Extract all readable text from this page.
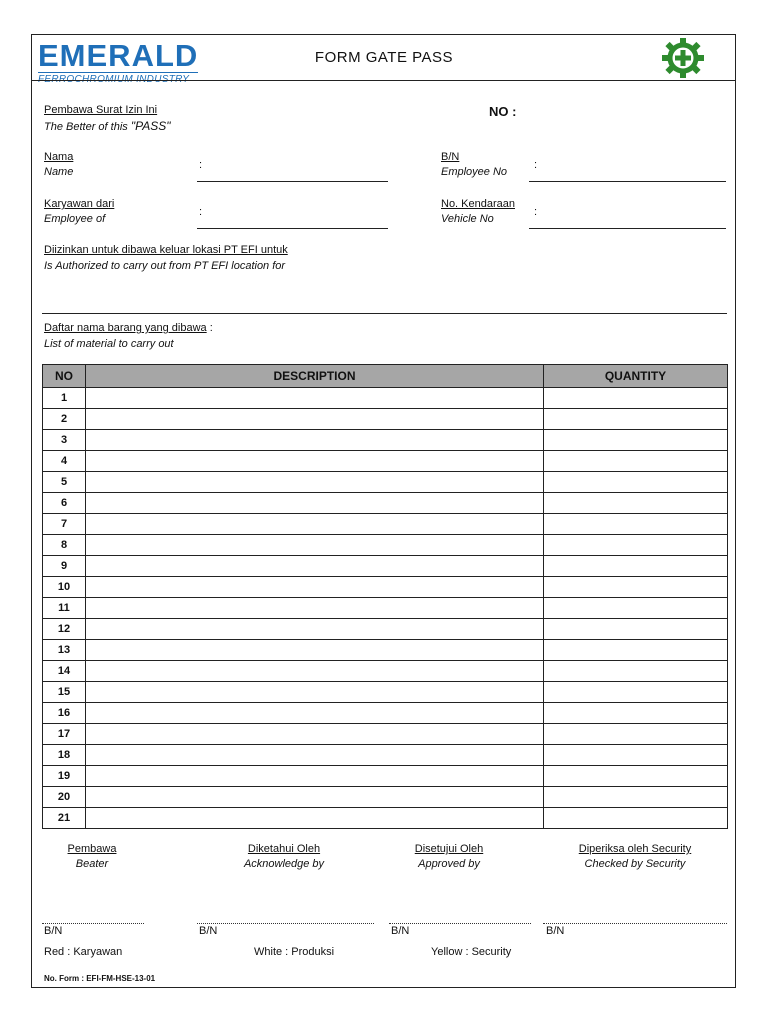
EMERALD
FERROCHROMIUM INDUSTRY
FORM GATE PASS
Pembawa Surat Izin Ini
The Better of this "PASS"
NO :
Nama
Name
:
B/N
Employee No
:
Karyawan dari
Employee of
:
No. Kendaraan
Vehicle No
:
Diizinkan untuk dibawa keluar lokasi PT EFI untuk
Is Authorized to carry out from PT EFI location for
Daftar nama barang yang dibawa :
List of material to carry out
NO	DESCRIPTION	QUANTITY
1		
2		
3		
4		
5		
6		
7		
8		
9		
10		
11		
12		
13		
14		
15		
16		
17		
18		
19		
20		
21		
Pembawa
Beater
Diketahui Oleh
Acknowledge by
Disetujui Oleh
Approved by
Diperiksa oleh Security
Checked by Security
B/N	B/N	B/N	B/N
Red : Karyawan	White : Produksi	Yellow : Security
No. Form : EFI-FM-HSE-13-01
